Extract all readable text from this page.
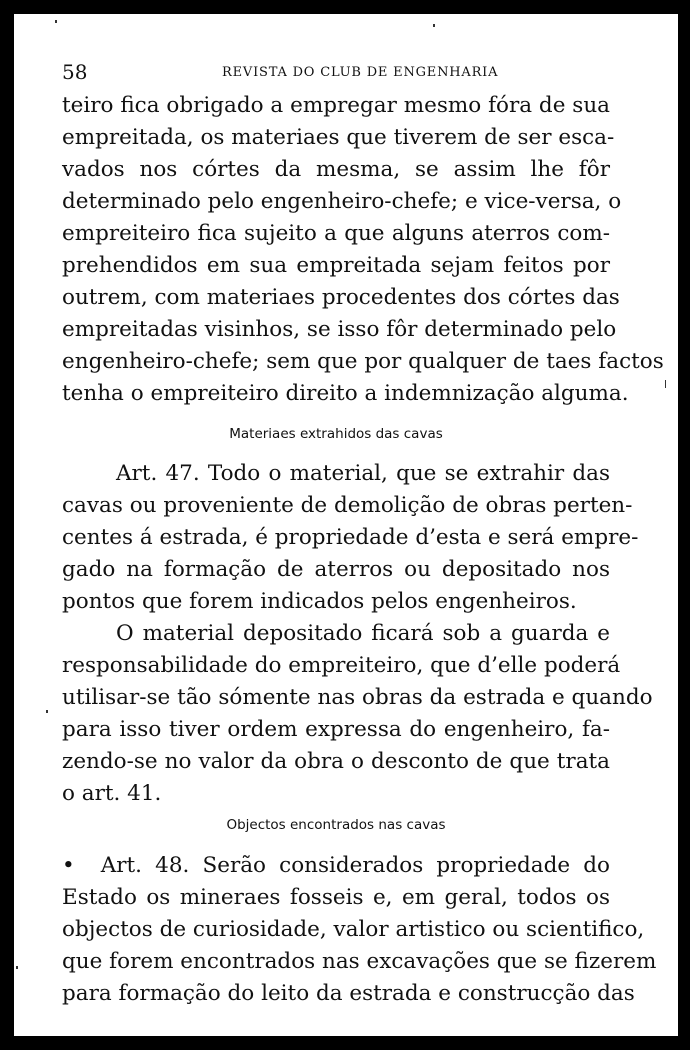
58	REVISTA DO CLUB DE ENGENHARIA
teiro fica obrigado a empregar mesmo fóra de sua
empreitada, os materiaes que tiverem de ser esca-
vados nos córtes da mesma, se assim lhe fôr
determinado pelo engenheiro-chefe; e vice-versa, o
empreiteiro fica sujeito a que alguns aterros com-
prehendidos em sua empreitada sejam feitos por
outrem, com materiaes procedentes dos córtes das
empreitadas visinhos, se isso fôr determinado pelo
engenheiro-chefe; sem que por qualquer de taes factos
tenha o empreiteiro direito a indemnização alguma.
Materiaes extrahidos das cavas
Art. 47. Todo o material, que se extrahir das
cavas ou proveniente de demolição de obras perten-
centes á estrada, é propriedade d’esta e será empre-
gado na formação de aterros ou depositado nos
pontos que forem indicados pelos engenheiros.
O material depositado ficará sob a guarda e
responsabilidade do empreiteiro, que d’elle poderá
utilisar-se tão sómente nas obras da estrada e quando
para isso tiver ordem expressa do engenheiro, fa-
zendo-se no valor da obra o desconto de que trata
o art. 41.
Objectos encontrados nas cavas
• Art. 48. Serão considerados propriedade do
Estado os mineraes fosseis e, em geral, todos os
objectos de curiosidade, valor artistico ou scientifico,
que forem encontrados nas excavações que se fizerem
para formação do leito da estrada e construcção das
